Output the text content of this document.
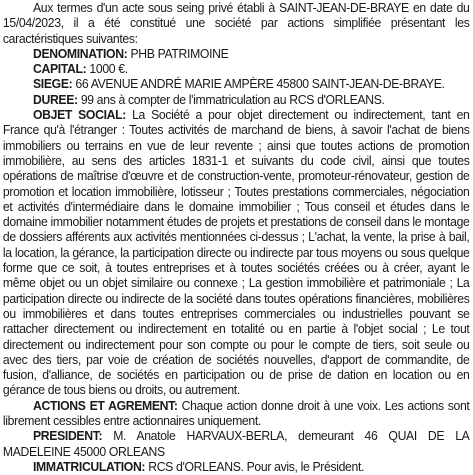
Aux termes d'un acte sous seing privé établi à SAINT-JEAN-DE-BRAYE en date du 15/04/2023, il a été constitué une société par actions simplifiée présentant les caractéristiques suivantes:

DENOMINATION: PHB PATRIMOINE

CAPITAL: 1000 €.

SIEGE: 66 AVENUE ANDRÉ MARIE AMPÈRE 45800 SAINT-JEAN-DE-BRAYE.

DUREE: 99 ans à compter de l'immatriculation au RCS d'ORLEANS.

OBJET SOCIAL: La Société a pour objet directement ou indirectement, tant en France qu'à l'étranger : Toutes activités de marchand de biens, à savoir l'achat de biens immobiliers ou terrains en vue de leur revente ; ainsi que toutes actions de promotion immobilière, au sens des articles 1831-1 et suivants du code civil, ainsi que toutes opérations de maîtrise d'œuvre et de construction-vente, promoteur-rénovateur, gestion de promotion et location immobilière, lotisseur ; Toutes prestations commerciales, négociation et activités d'intermédiaire dans le domaine immobilier ; Tous conseil et études dans le domaine immobilier notamment études de projets et prestations de conseil dans le montage de dossiers afférents aux activités mentionnées ci-dessus ; L'achat, la vente, la prise à bail, la location, la gérance, la participation directe ou indirecte par tous moyens ou sous quelque forme que ce soit, à toutes entreprises et à toutes sociétés créées ou à créer, ayant le même objet ou un objet similaire ou connexe ; La gestion immobilière et patrimoniale ; La participation directe ou indirecte de la société dans toutes opérations financières, mobilières ou immobilières et dans toutes entreprises commerciales ou industrielles pouvant se rattacher directement ou indirectement en totalité ou en partie à l'objet social ; Le tout directement ou indirectement pour son compte ou pour le compte de tiers, soit seule ou avec des tiers, par voie de création de sociétés nouvelles, d'apport de commandite, de fusion, d'alliance, de sociétés en participation ou de prise de dation en location ou en gérance de tous biens ou droits, ou autrement.

ACTIONS ET AGREMENT: Chaque action donne droit à une voix. Les actions sont librement cessibles entre actionnaires uniquement.

PRESIDENT: M. Anatole HARVAUX-BERLA, demeurant 46 QUAI DE LA MADELEINE 45000 ORLEANS

IMMATRICULATION: RCS d'ORLEANS. Pour avis, le Président.
